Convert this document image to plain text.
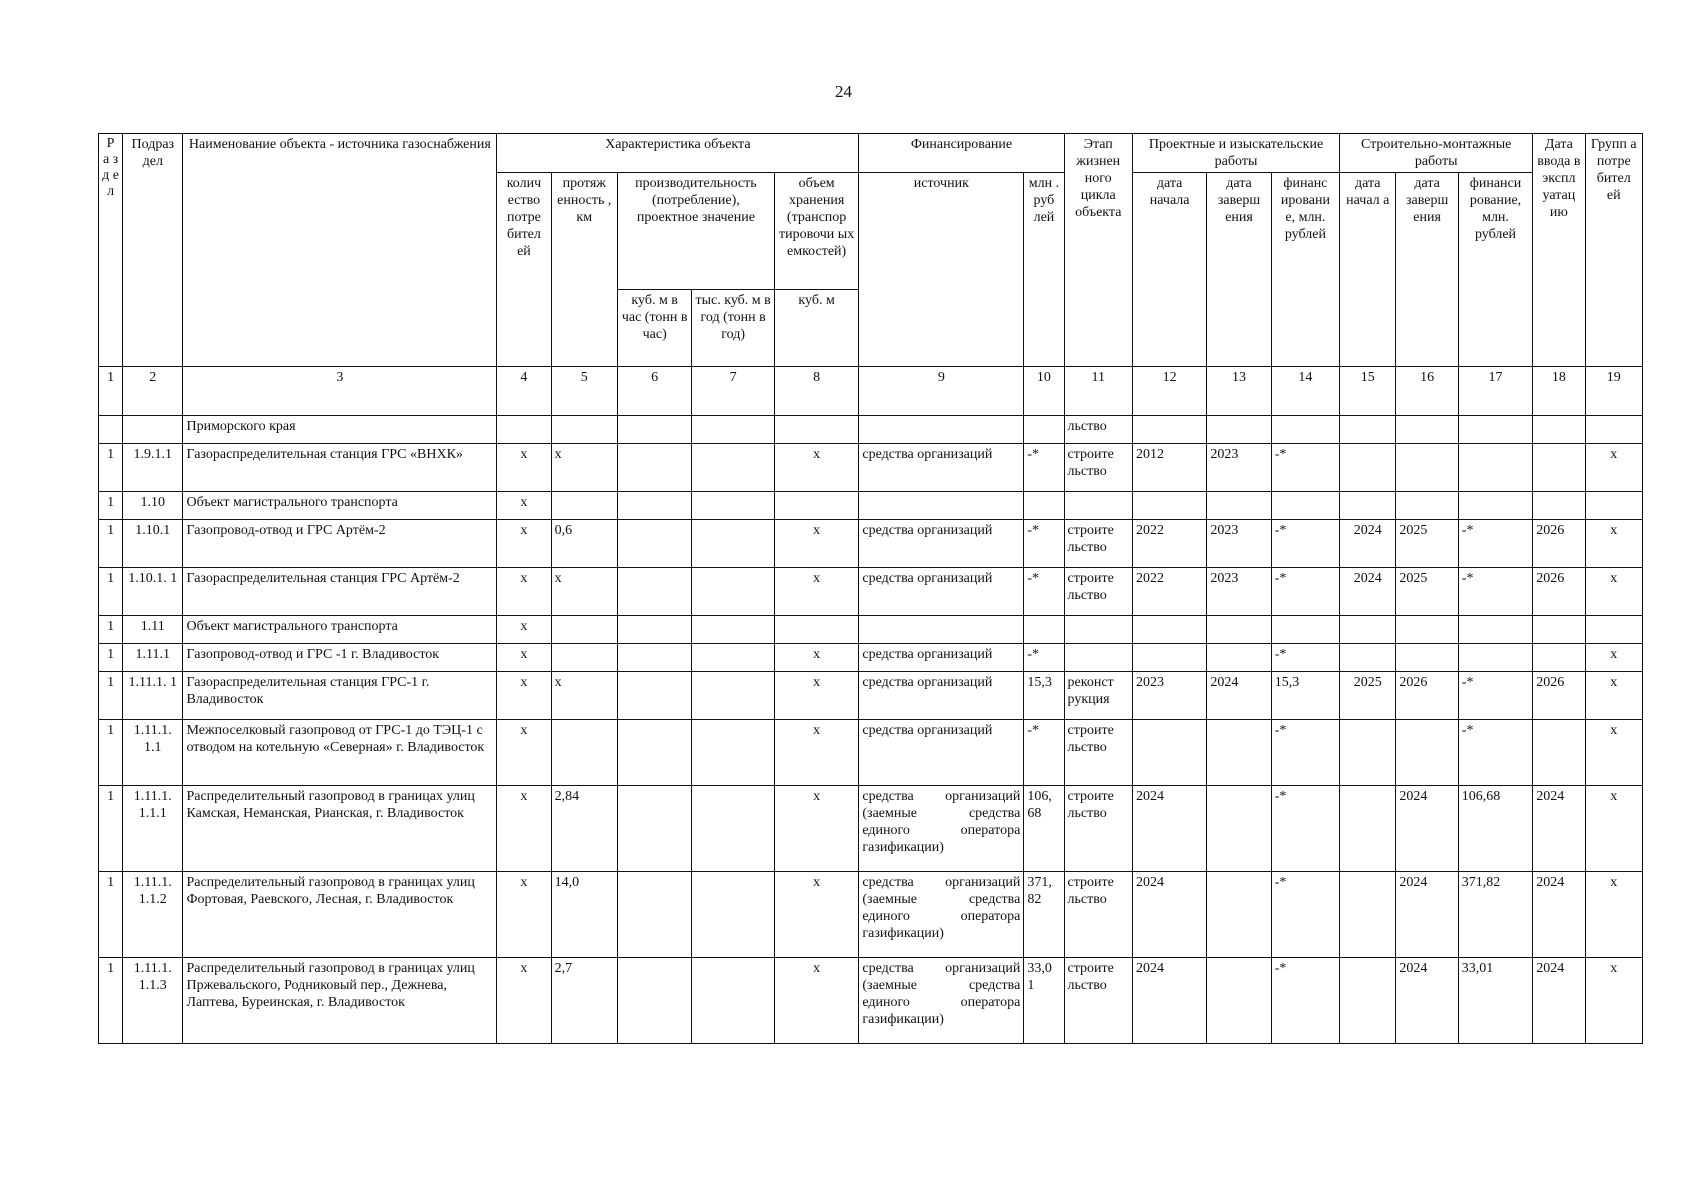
24
Р а з д е л	Подраз дел	Наименование объекта - источника газоснабжения	Характеристика объекта					Финансирование		Этап жизнен ного цикла объекта	Проектные и изыскательские работы			Строительно-монтажные работы			Дата ввода в экспл уатац ию	Групп а потре бител ей
			колич ество потре бител ей	протяж енность , км	производительность (потребление), проектное значение		объем хранения (транспор тировочи ых емкостей)	источник	млн . руб лей		дата начала	дата заверш ения	финанс ировани е, млн. рублей	дата начал а	дата заверш ения	финанси рование, млн. рублей		
					куб. м в час (тонн в час)	тыс. куб. м в год (тонн в год)	куб. м											
1	2	3	4	5	6	7	8	9	10	11	12	13	14	15	16	17	18	19
		Приморского края								льство								
1	1.9.1.1	Газораспределительная станция ГРС «ВНХК»	x	x			x	средства организаций	-*	строите льство	2012	2023	-*					x
1	1.10	Объект магистрального транспорта	x															
1	1.10.1	Газопровод-отвод и ГРС Артём-2	x	0,6			x	средства организаций	-*	строите льство	2022	2023	-*	2024	2025	-*	2026	x
1	1.10.1. 1	Газораспределительная станция ГРС Артём-2	x	x			x	средства организаций	-*	строите льство	2022	2023	-*	2024	2025	-*	2026	x
1	1.11	Объект магистрального транспорта	x															
1	1.11.1	Газопровод-отвод и ГРС -1 г. Владивосток	x				x	средства организаций	-*				-*					x
1	1.11.1. 1	Газораспределительная станция ГРС-1 г. Владивосток	x	x			x	средства организаций	15,3	реконст рукция	2023	2024	15,3	2025	2026	-*	2026	x
1	1.11.1. 1.1	Межпоселковый газопровод от ГРС-1 до ТЭЦ-1 с отводом на котельную «Северная» г. Владивосток	x				x	средства организаций	-*	строите льство			-*			-*		x
1	1.11.1. 1.1.1	Распределительный газопровод в границах улиц Камская, Неманская, Рианская, г. Владивосток	x	2,84			x	средства организаций (заемные средства единого оператора газификации)	106, 68	строите льство	2024		-*		2024	106,68	2024	x
1	1.11.1. 1.1.2	Распределительный газопровод в границах улиц Фортовая, Раевского, Лесная, г. Владивосток	x	14,0			x	средства организаций (заемные средства единого оператора газификации)	371, 82	строите льство	2024		-*		2024	371,82	2024	x
1	1.11.1. 1.1.3	Распределительный газопровод в границах улиц Пржевальского, Родниковый пер., Дежнева, Лаптева, Буреинская, г. Владивосток	x	2,7			x	средства организаций (заемные средства единого оператора газификации)	33,0 1	строите льство	2024		-*		2024	33,01	2024	x
